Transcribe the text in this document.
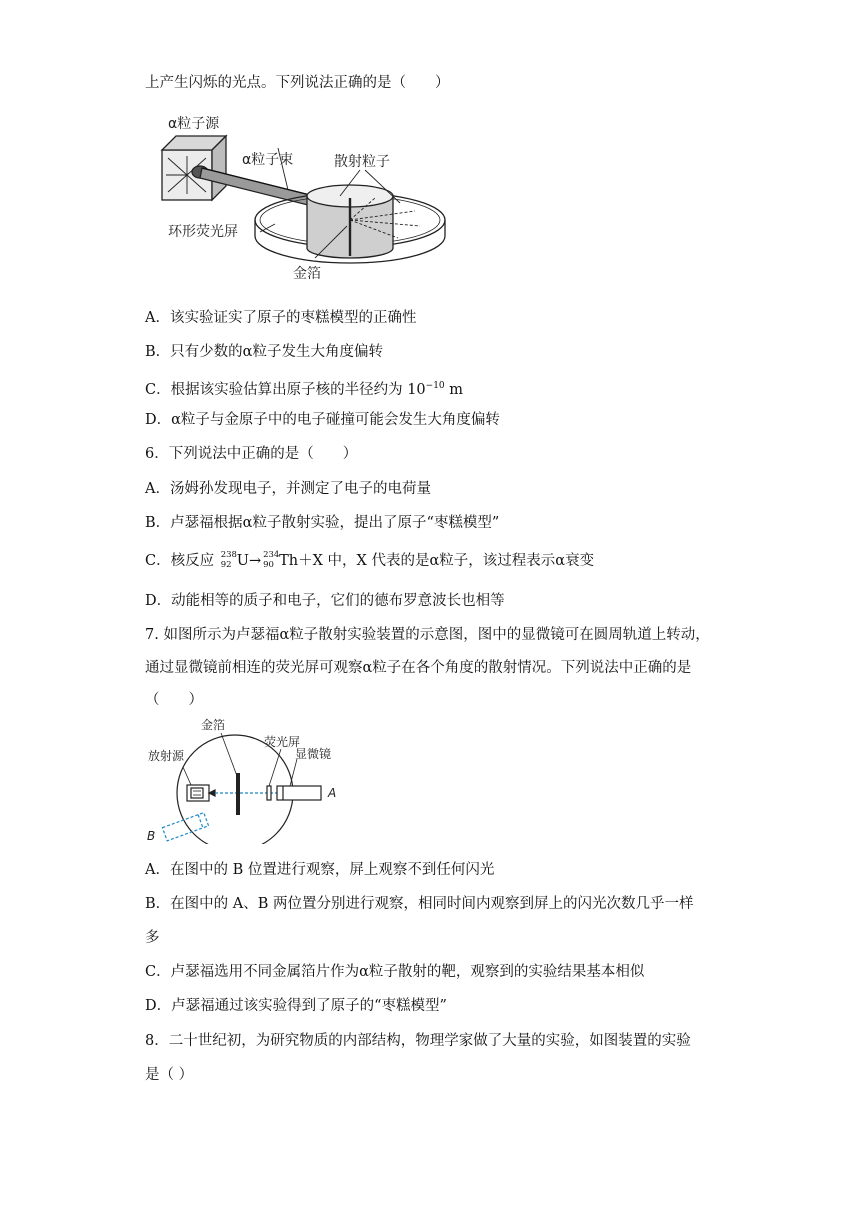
上产生闪烁的光点。下列说法正确的是（　　）
α粒子源
α粒子束	散射粒子
环形荧光屏
金箔
A．该实验证实了原子的枣糕模型的正确性
B．只有少数的α粒子发生大角度偏转
C．根据该实验估算出原子核的半径约为 $10^{-10}$ m
D．α粒子与金原子中的电子碰撞可能会发生大角度偏转
6．下列说法中正确的是（　　）
A．汤姆孙发现电子，并测定了电子的电荷量
B．卢瑟福根据α粒子散射实验，提出了原子“枣糕模型”
C．核反应 238
92 U→ 234
90 Th＋X 中，X 代表的是α粒子，该过程表示α衰变
D．动能相等的质子和电子，它们的德布罗意波长也相等
7. 如图所示为卢瑟福α粒子散射实验装置的示意图，图中的显微镜可在圆周轨道上转动，
通过显微镜前相连的荧光屏可观察α粒子在各个角度的散射情况。下列说法中正确的是
（　　）
金箔
荧光屏
放射源	显微镜
A
B
A．在图中的 B 位置进行观察，屏上观察不到任何闪光
B．在图中的 A、B 两位置分别进行观察，相同时间内观察到屏上的闪光次数几乎一样
多
C．卢瑟福选用不同金属箔片作为α粒子散射的靶，观察到的实验结果基本相似
D．卢瑟福通过该实验得到了原子的“枣糕模型”
8．二十世纪初，为研究物质的内部结构，物理学家做了大量的实验，如图装置的实验
是（ ）
